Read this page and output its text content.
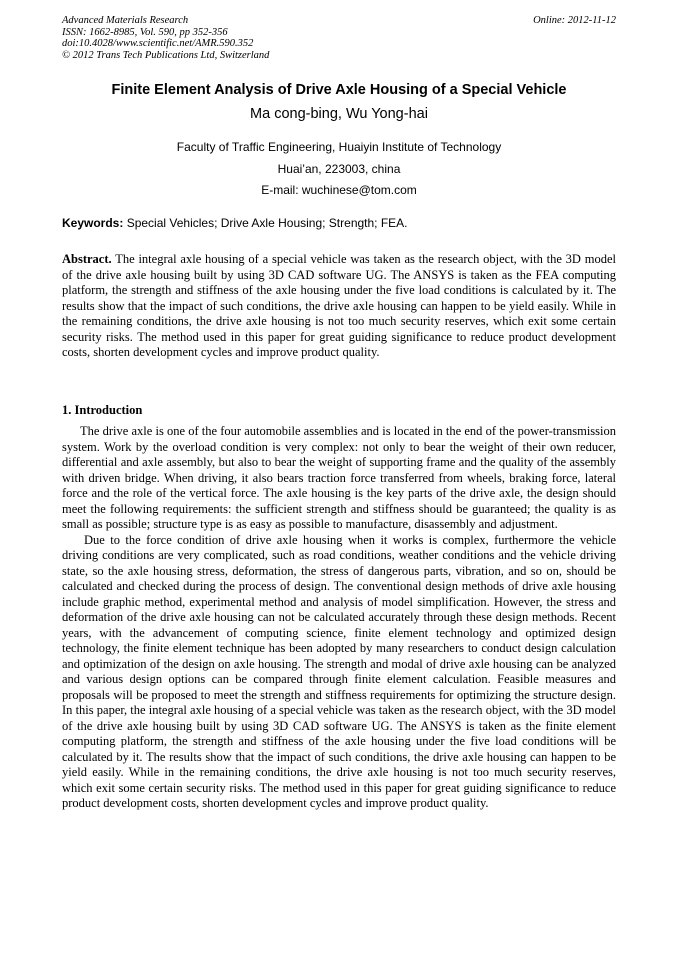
Advanced Materials Research
ISSN: 1662-8985, Vol. 590, pp 352-356
doi:10.4028/www.scientific.net/AMR.590.352
© 2012 Trans Tech Publications Ltd, Switzerland
Online: 2012-11-12
Finite Element Analysis of Drive Axle Housing of a Special Vehicle
Ma cong-bing, Wu Yong-hai
Faculty of Traffic Engineering, Huaiyin Institute of Technology
Huai’an, 223003, china
E-mail: wuchinese@tom.com
Keywords: Special Vehicles; Drive Axle Housing; Strength; FEA.

Abstract. The integral axle housing of a special vehicle was taken as the research object, with the 3D model of the drive axle housing built by using 3D CAD software UG. The ANSYS is taken as the FEA computing platform, the strength and stiffness of the axle housing under the five load conditions is calculated by it. The results show that the impact of such conditions, the drive axle housing can happen to be yield easily. While in the remaining conditions, the drive axle housing is not too much security reserves, which exit some certain security risks. The method used in this paper for great guiding significance to reduce product development costs, shorten development cycles and improve product quality.

1. Introduction

The drive axle is one of the four automobile assemblies and is located in the end of the power-transmission system. Work by the overload condition is very complex: not only to bear the weight of their own reducer, differential and axle assembly, but also to bear the weight of supporting frame and the quality of the assembly with driven bridge. When driving, it also bears traction force transferred from wheels, braking force, lateral force and the role of the vertical force. The axle housing is the key parts of the drive axle, the design should meet the following requirements: the sufficient strength and stiffness should be guaranteed; the quality is as small as possible; structure type is as easy as possible to manufacture, disassembly and adjustment.

Due to the force condition of drive axle housing when it works is complex, furthermore the vehicle driving conditions are very complicated, such as road conditions, weather conditions and the vehicle driving state, so the axle housing stress, deformation, the stress of dangerous parts, vibration, and so on, should be calculated and checked during the process of design. The conventional design methods of drive axle housing include graphic method, experimental method and analysis of model simplification. However, the stress and deformation of the drive axle housing can not be calculated accurately through these design methods. Recent years, with the advancement of computing science, finite element technology and optimized design technology, the finite element technique has been adopted by many researchers to conduct design calculation and optimization of the design on axle housing. The strength and modal of drive axle housing can be analyzed and various design options can be compared through finite element calculation. Feasible measures and proposals will be proposed to meet the strength and stiffness requirements for optimizing the structure design. In this paper, the integral axle housing of a special vehicle was taken as the research object, with the 3D model of the drive axle housing built by using 3D CAD software UG. The ANSYS is taken as the finite element computing platform, the strength and stiffness of the axle housing under the five load conditions will be calculated by it. The results show that the impact of such conditions, the drive axle housing can happen to be yield easily. While in the remaining conditions, the drive axle housing is not too much security reserves, which exit some certain security risks. The method used in this paper for great guiding significance to reduce product development costs, shorten development cycles and improve product quality.
